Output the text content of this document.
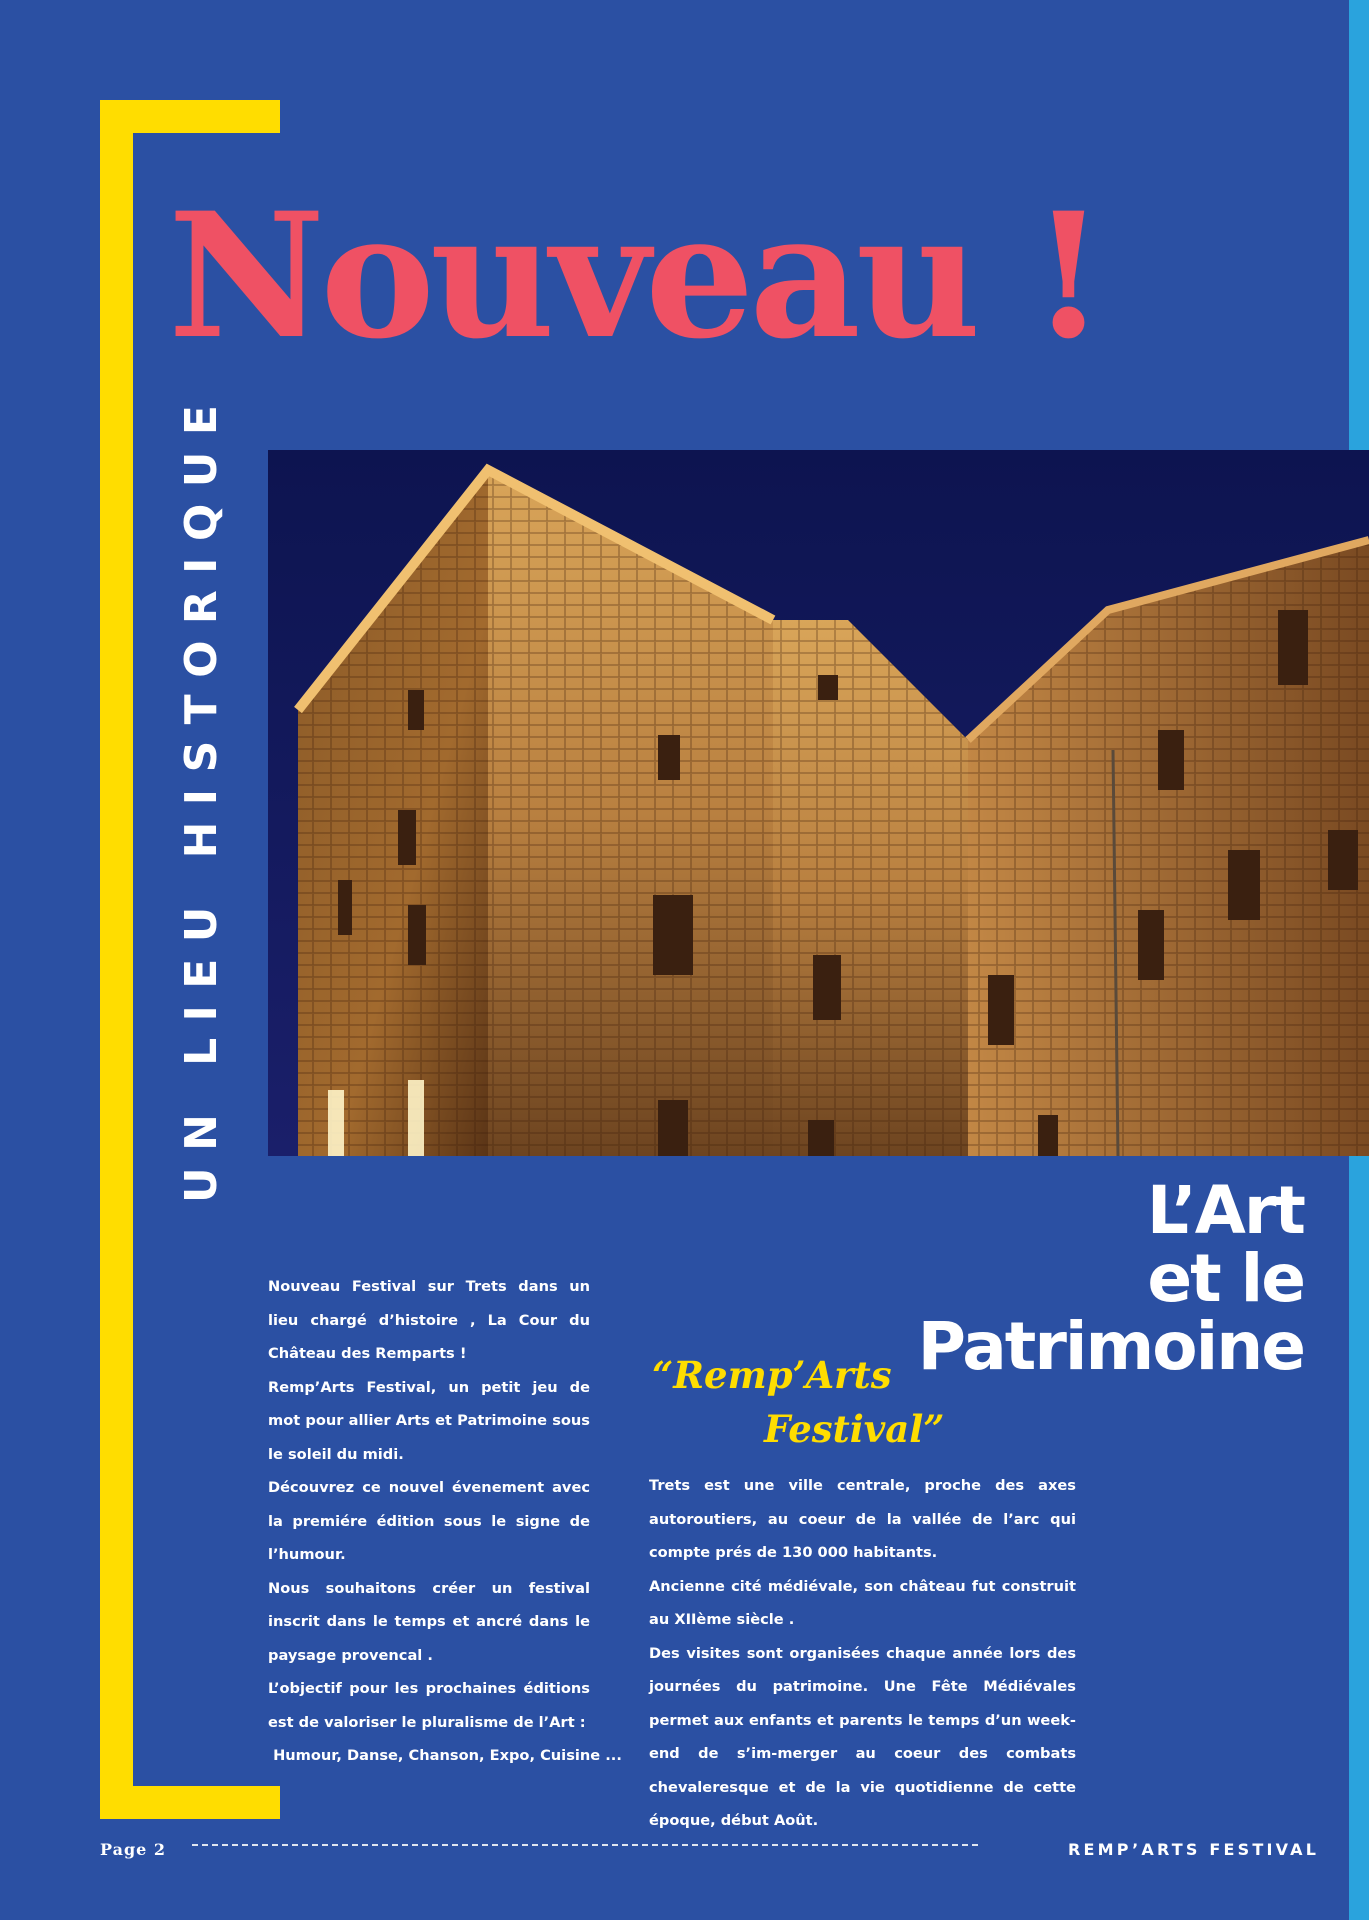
Nouveau !
UN LIEU HISTORIQUE
L’Art
et le
Patrimoine
“Remp’Arts
Festival”

Nouveau Festival sur Trets dans un lieu chargé d’histoire , La Cour du Château des Remparts !

Remp’Arts Festival, un petit jeu de mot pour allier Arts et Patrimoine sous le soleil du midi.

Découvrez ce nouvel évenement avec la premiére édition sous le signe de l’humour.

Nous souhaitons créer un festival inscrit dans le temps et ancré dans le paysage provencal .

L’objectif pour les prochaines éditions est de valoriser le pluralisme de l’Art :

Humour, Danse, Chanson, Expo, Cuisine ...

Trets est une ville centrale, proche des axes autoroutiers, au coeur de la vallée de l’arc qui compte prés de 130 000 habitants.

Ancienne cité médiévale, son château fut construit au XIIème siècle .

Des visites sont organisées chaque année lors des journées du patrimoine. Une Fête Médiévales permet aux enfants et parents le temps d’un week-end de s’im-merger au coeur des combats chevaleresque et de la vie quotidienne de cette époque, début Août.

Page 2	REMP’ARTS FESTIVAL
